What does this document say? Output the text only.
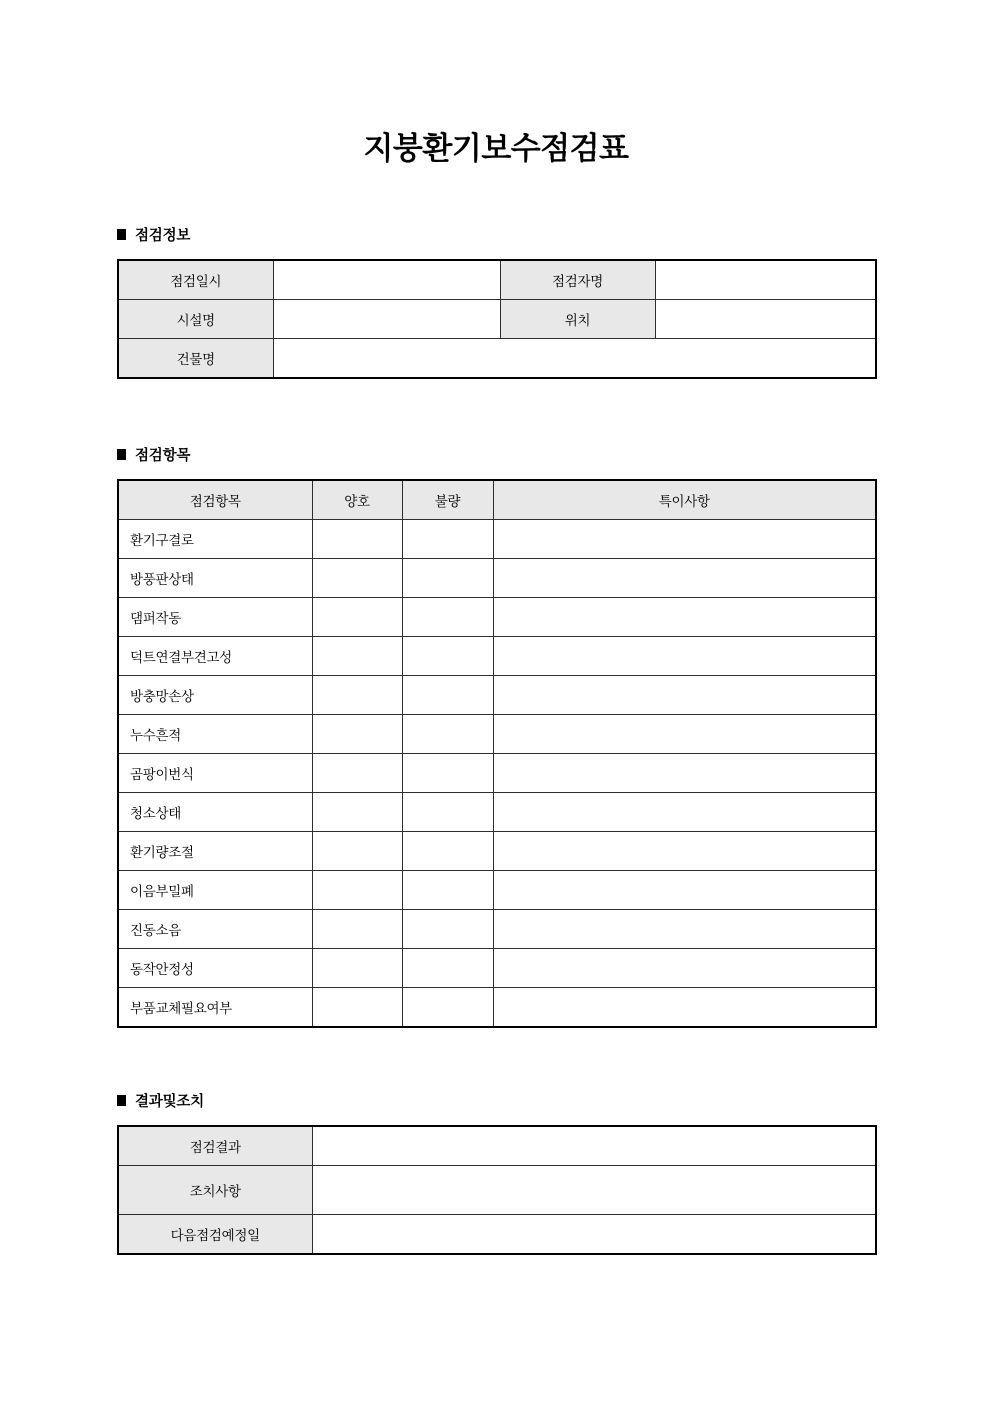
지붕환기보수점검표
점검정보
점검일시		점검자명	
시설명		위치	
건물명			
점검항목
점검항목	양호	불량	특이사항
환기구결로			
방풍판상태			
댐퍼작동			
덕트연결부견고성			
방충망손상			
누수흔적			
곰팡이번식			
청소상태			
환기량조절			
이음부밀폐			
진동소음			
동작안정성			
부품교체필요여부			
결과및조치
점검결과	
조치사항	
다음점검예정일	
